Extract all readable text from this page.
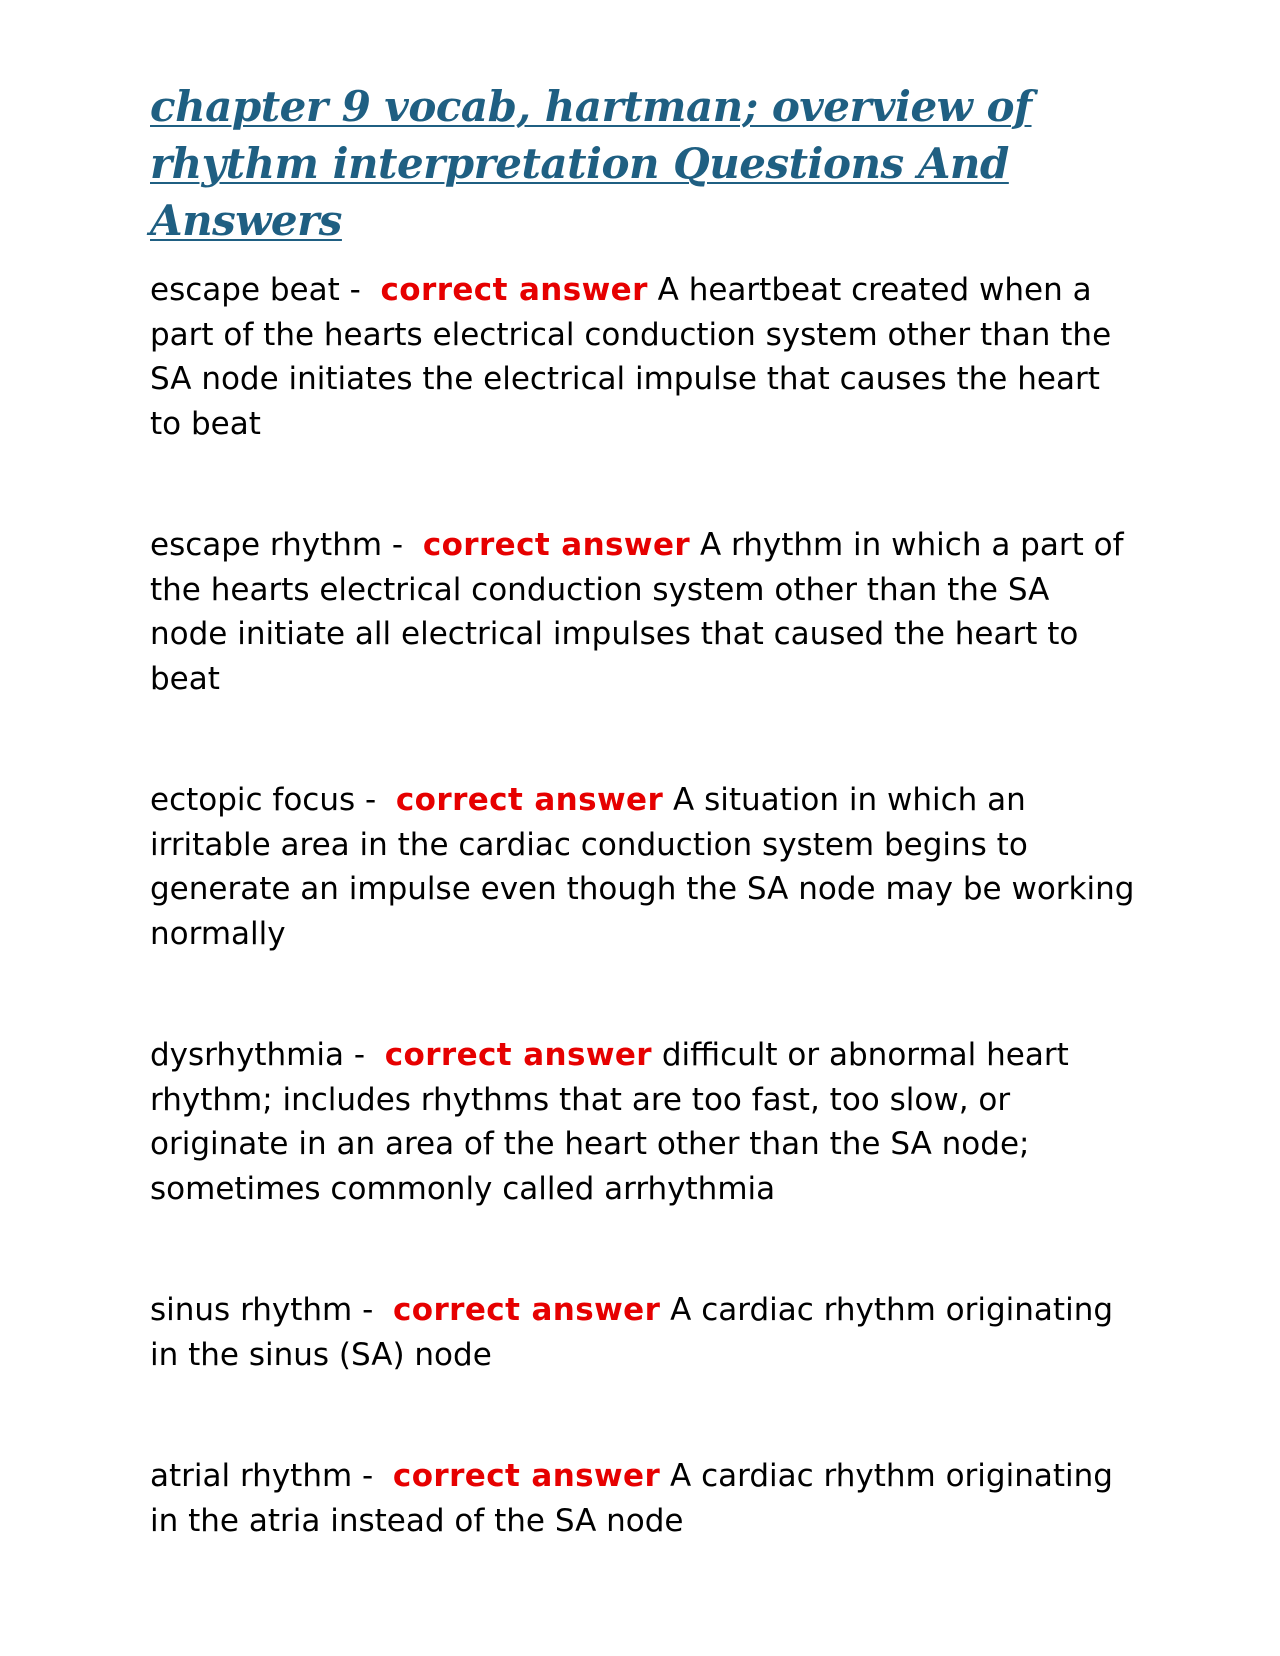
chapter 9 vocab, hartman; overview of rhythm interpretation Questions And Answers

escape beat -  correct answer A heartbeat created when a part of the hearts electrical conduction system other than the SA node initiates the electrical impulse that causes the heart to beat

escape rhythm -  correct answer A rhythm in which a part of the hearts electrical conduction system other than the SA node initiate all electrical impulses that caused the heart to beat

ectopic focus -  correct answer A situation in which an irritable area in the cardiac conduction system begins to generate an impulse even though the SA node may be working normally

dysrhythmia -  correct answer difficult or abnormal heart rhythm; includes rhythms that are too fast, too slow, or originate in an area of the heart other than the SA node; sometimes commonly called arrhythmia

sinus rhythm -  correct answer A cardiac rhythm originating in the sinus (SA) node

atrial rhythm -  correct answer A cardiac rhythm originating in the atria instead of the SA node
